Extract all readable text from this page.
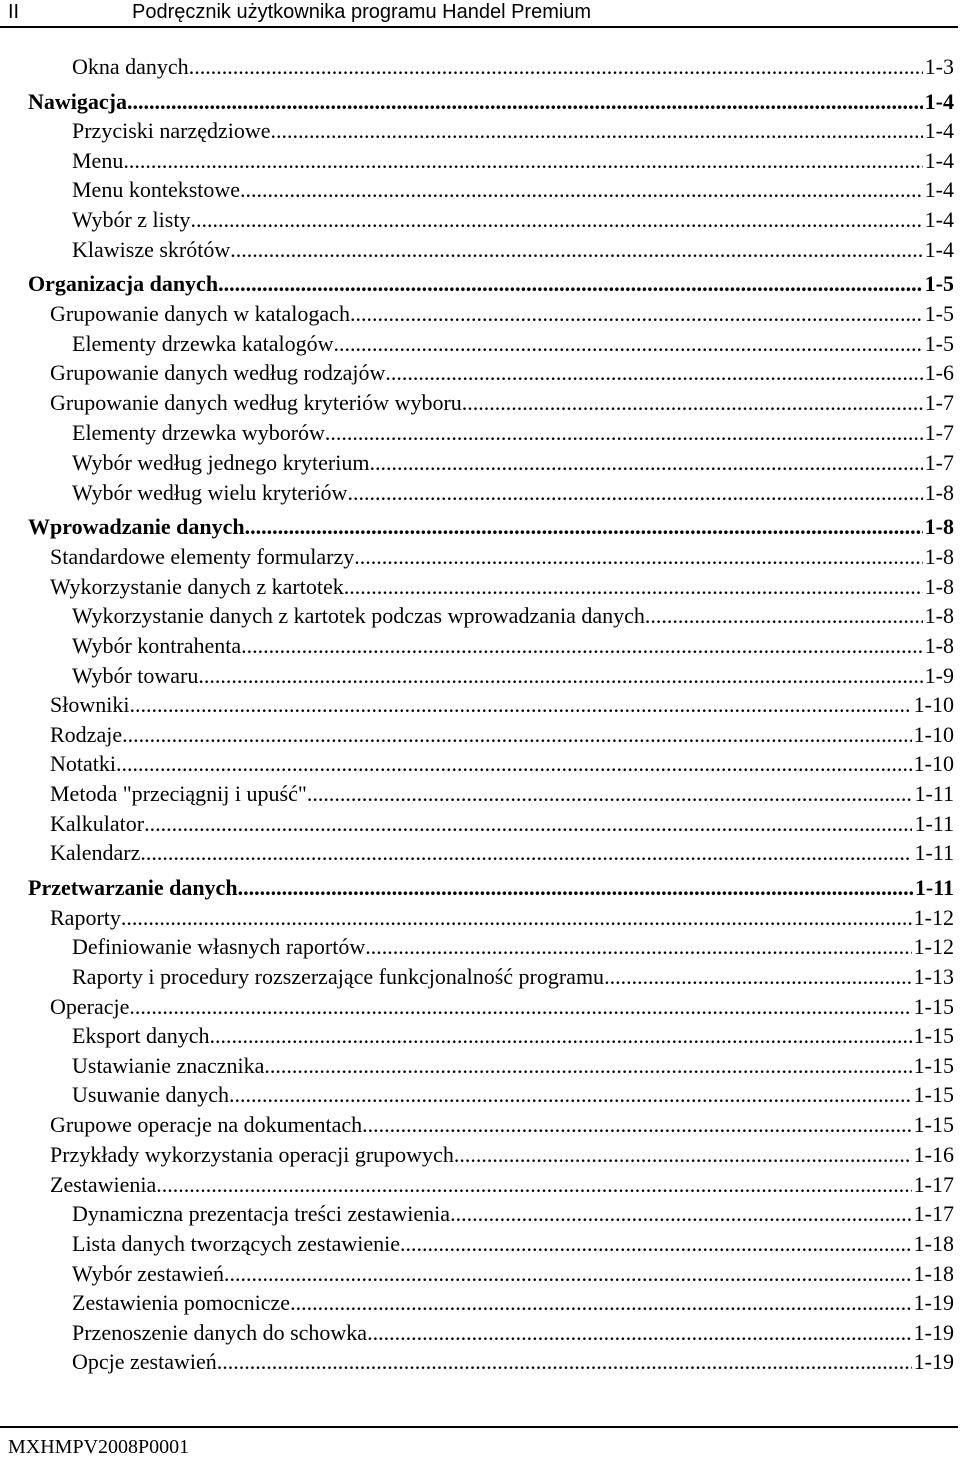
II	Podręcznik użytkownika programu Handel Premium
Okna danych .....	1-3
Nawigacja .....	1-4
Przyciski narzędziowe .....	1-4
Menu .....	1-4
Menu kontekstowe .....	1-4
Wybór z listy .....	1-4
Klawisze skrótów .....	1-4
Organizacja danych .....	1-5
Grupowanie danych w katalogach .....	1-5
Elementy drzewka katalogów .....	1-5
Grupowanie danych według rodzajów .....	1-6
Grupowanie danych według kryteriów wyboru .....	1-7
Elementy drzewka wyborów .....	1-7
Wybór według jednego kryterium .....	1-7
Wybór według wielu kryteriów .....	1-8
Wprowadzanie danych .....	1-8
Standardowe elementy formularzy .....	1-8
Wykorzystanie danych z kartotek .....	1-8
Wykorzystanie danych z kartotek podczas wprowadzania danych .....	1-8
Wybór kontrahenta .....	1-8
Wybór towaru .....	1-9
Słowniki .....	1-10
Rodzaje .....	1-10
Notatki .....	1-10
Metoda "przeciągnij i upuść" .....	1-11
Kalkulator .....	1-11
Kalendarz .....	1-11
Przetwarzanie danych .....	1-11
Raporty .....	1-12
Definiowanie własnych raportów .....	1-12
Raporty i procedury rozszerzające funkcjonalność programu .....	1-13
Operacje .....	1-15
Eksport danych .....	1-15
Ustawianie znacznika .....	1-15
Usuwanie danych .....	1-15
Grupowe operacje na dokumentach .....	1-15
Przykłady wykorzystania operacji grupowych .....	1-16
Zestawienia .....	1-17
Dynamiczna prezentacja treści zestawienia .....	1-17
Lista danych tworzących zestawienie .....	1-18
Wybór zestawień .....	1-18
Zestawienia pomocnicze .....	1-19
Przenoszenie danych do schowka .....	1-19
Opcje zestawień .....	1-19
MXHMPV2008P0001
